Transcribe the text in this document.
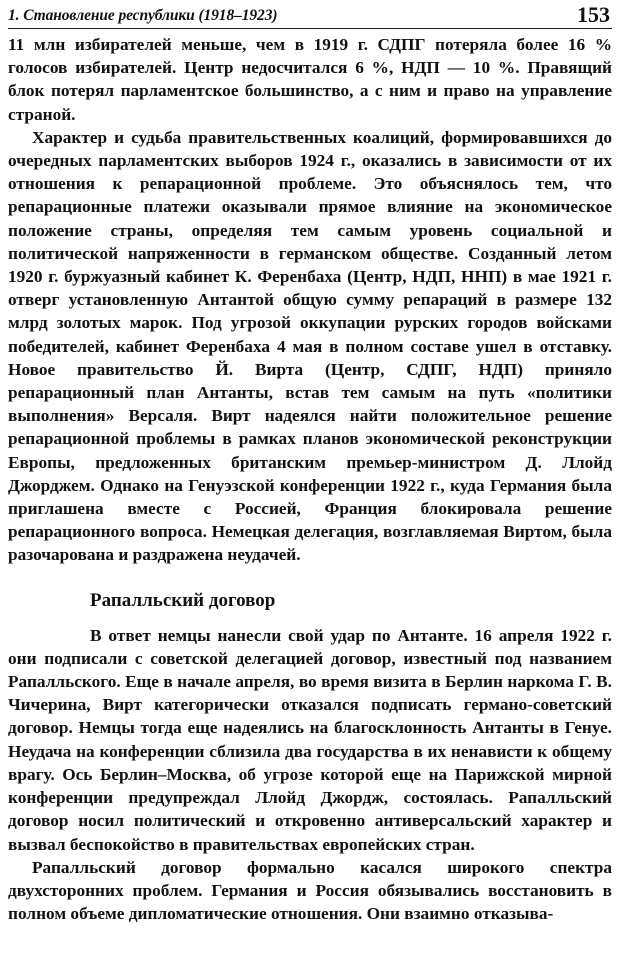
1. Становление республики (1918–1923)	153

11 млн избирателей меньше, чем в 1919 г. СДПГ потеряла более 16 % голосов избирателей. Центр недосчитался 6 %, НДП — 10 %. Правящий блок потерял парламентское большинство, а с ним и право на управление страной.

Характер и судьба правительственных коалиций, формировавшихся до очередных парламентских выборов 1924 г., оказались в зависимости от их отношения к репарационной проблеме. Это объяснялось тем, что репарационные платежи оказывали прямое влияние на экономическое положение страны, определяя тем самым уровень социальной и политической напряженности в германском обществе. Созданный летом 1920 г. буржуазный кабинет К. Ференбаха (Центр, НДП, ННП) в мае 1921 г. отверг установленную Антантой общую сумму репараций в размере 132 млрд золотых марок. Под угрозой оккупации рурских городов войсками победителей, кабинет Ференбаха 4 мая в полном составе ушел в отставку. Новое правительство Й. Вирта (Центр, СДПГ, НДП) приняло репарационный план Антанты, встав тем самым на путь «политики выполнения» Версаля. Вирт надеялся найти положительное решение репарационной проблемы в рамках планов экономической реконструкции Европы, предложенных британским премьер-министром Д. Ллойд Джорджем. Однако на Генуэзской конференции 1922 г., куда Германия была приглашена вместе с Россией, Франция блокировала решение репарационного вопроса. Немецкая делегация, возглавляемая Виртом, была разочарована и раздражена неудачей.

Рапалльский договор

В ответ немцы нанесли свой удар по Антанте. 16 апреля 1922 г. они подписали с советской делегацией договор, известный под названием Рапалльского. Еще в начале апреля, во время визита в Берлин наркома Г. В. Чичерина, Вирт категорически отказался подписать германо-советский договор. Немцы тогда еще надеялись на благосклонность Антанты в Генуе. Неудача на конференции сблизила два государства в их ненависти к общему врагу. Ось Берлин–Москва, об угрозе которой еще на Парижской мирной конференции предупреждал Ллойд Джордж, состоялась. Рапалльский договор носил политический и откровенно антиверсальский характер и вызвал беспокойство в правительствах европейских стран.

Рапалльский договор формально касался широкого спектра двухсторонних проблем. Германия и Россия обязывались восстановить в полном объеме дипломатические отношения. Они взаимно отказыва-
